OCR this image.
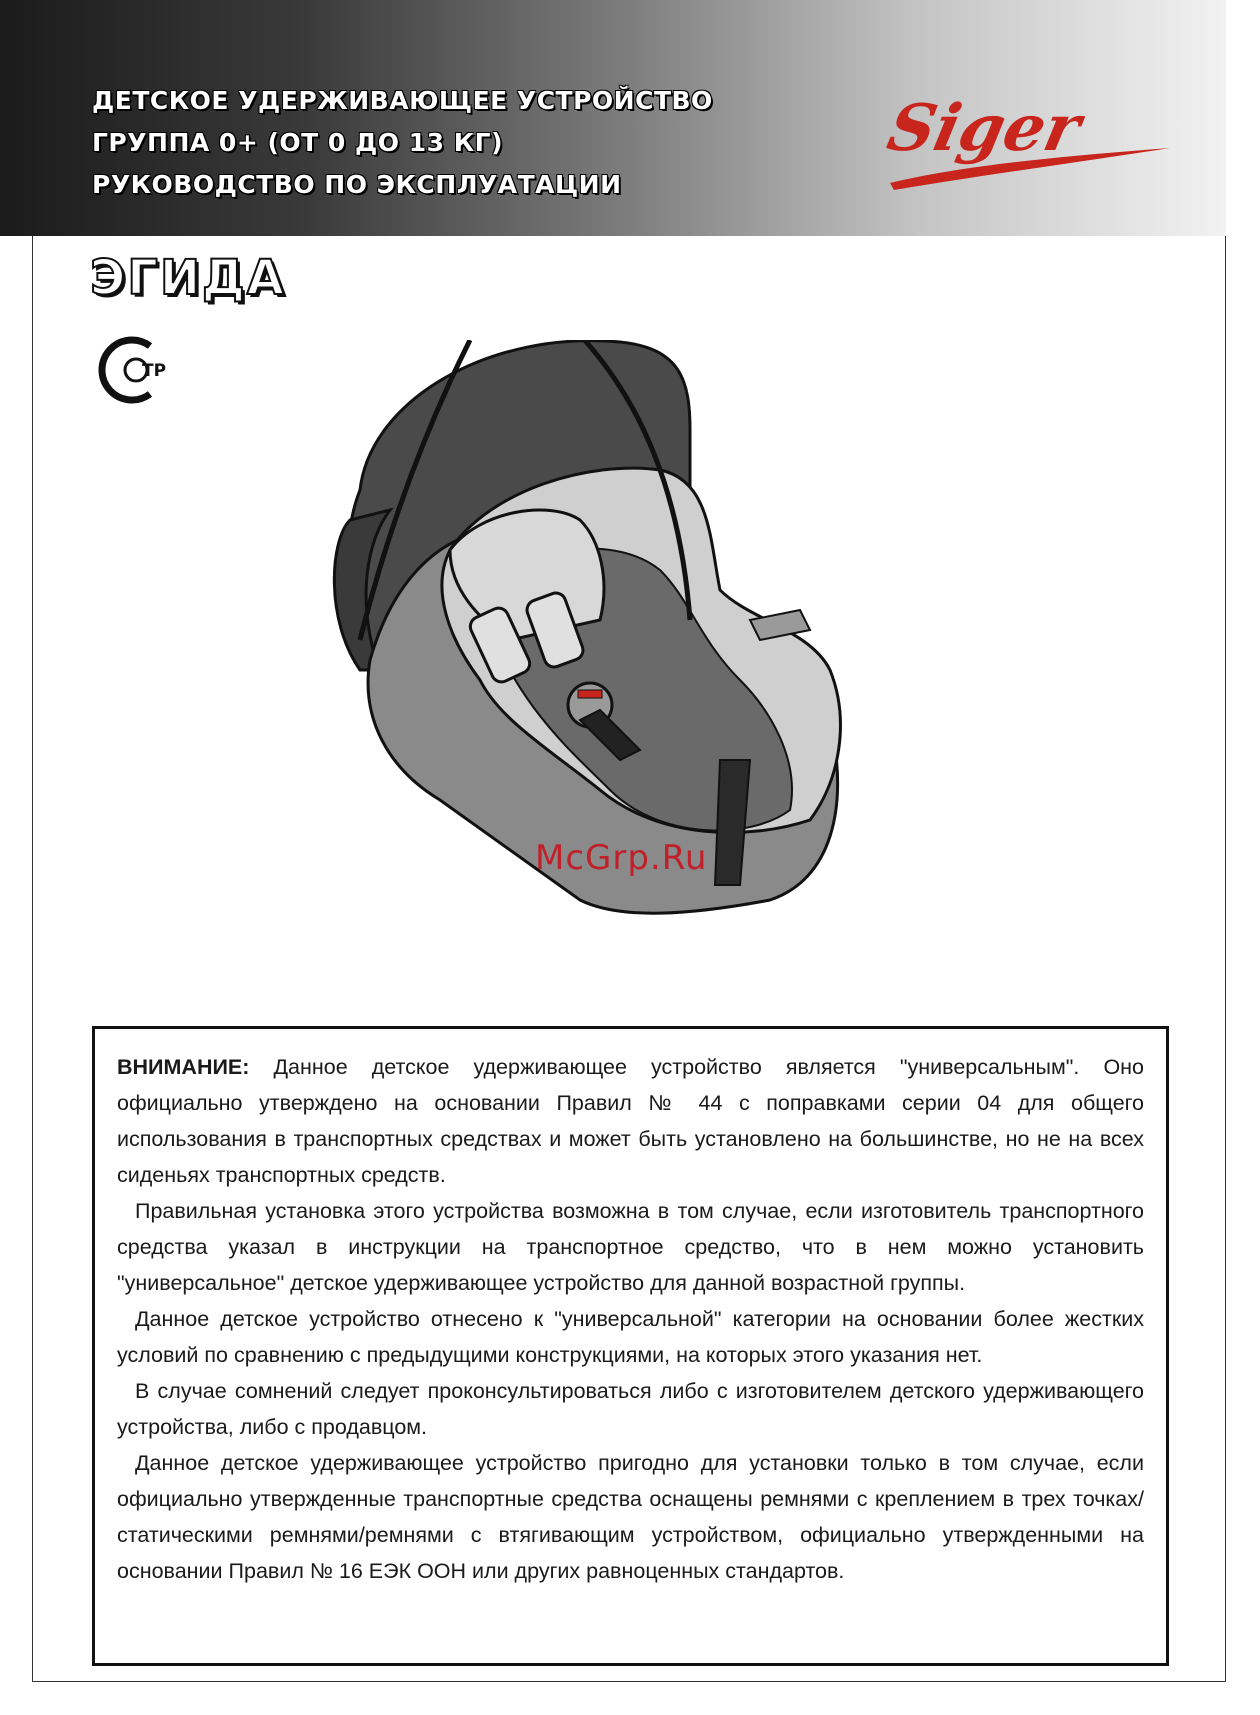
ДЕТСКОЕ УДЕРЖИВАЮЩЕЕ УСТРОЙСТВО
ГРУППА 0+ (ОТ 0 ДО 13 КГ)
РУКОВОДСТВО ПО ЭКСПЛУАТАЦИИ
Siger
ЭГИДА
ТР
McGrp.Ru

ВНИМАНИЕ: Данное детское удерживающее устройство является "универсальным". Оно официально утверждено на основании Правил № 44 с поправками серии 04 для общего использования в транспортных средствах и может быть установлено на большинстве, но не на всех сиденьях транспортных средств.

Правильная установка этого устройства возможна в том случае, если изготовитель транспортного средства указал в инструкции на транспортное средство, что в нем можно установить "универсальное" детское удерживающее устройство для данной возрастной группы.

Данное детское устройство отнесено к "универсальной" категории на основании более жестких условий по сравнению с предыдущими конструкциями, на которых этого указания нет.

В случае сомнений следует проконсультироваться либо с изготовителем детского удерживающего устройства, либо с продавцом.

Данное детское удерживающее устройство пригодно для установки только в том случае, если официально утвержденные транспортные средства оснащены ремнями с креплением в трех точках/статическими ремнями/ремнями с втягивающим устройством, официально утвержденными на основании Правил № 16 ЕЭК ООН или других равноценных стандартов.
